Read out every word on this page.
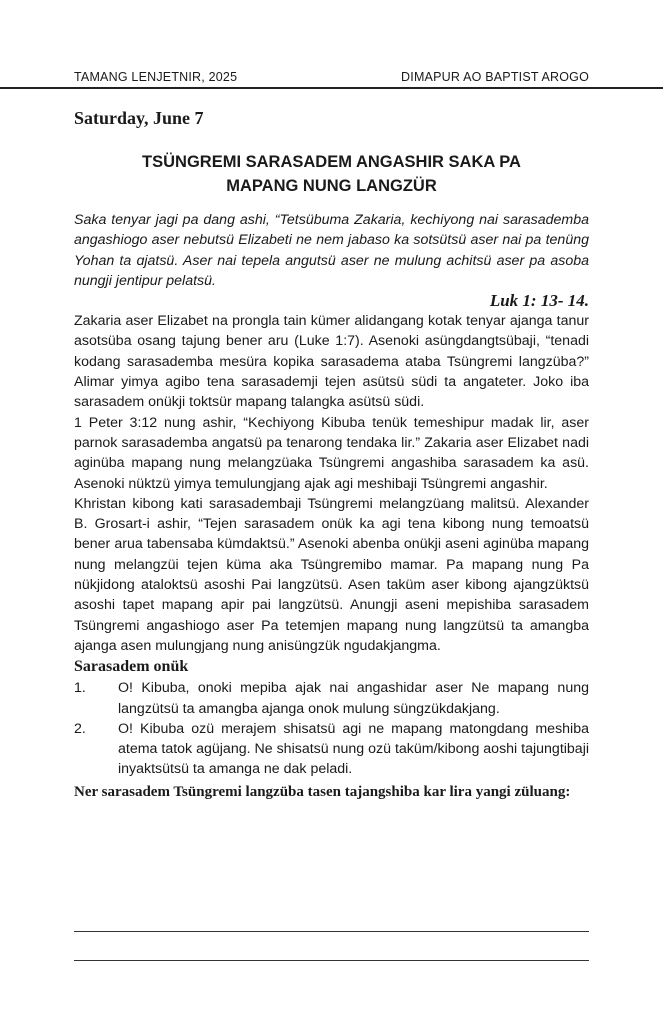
TAMANG LENJETNIR, 2025	DIMAPUR AO BAPTIST AROGO
Saturday, June 7
TSÜNGREMI SARASADEM ANGASHIR SAKA PA
MAPANG NUNG LANGZÜR

Saka tenyar jagi pa dang ashi, “Tetsübuma Zakaria, kechiyong nai sarasademba angashiogo aser nebutsü Elizabeti ne nem jabaso ka sotsütsü aser nai pa tenüng Yohan ta ɑjatsü. Aser nai tepela angutsü aser ne mulung achitsü aser pa asoba nungji jentipur pelatsü.

Luk 1: 13- 14.

Zakaria aser Elizabet na prongla tain kümer alidangang kotak tenyar ajanga tanur asotsüba osang tajung bener aru (Luke 1:7). Asenoki asüngdangtsübaji, “tenadi kodang sarasademba mesüra kopika sarasadema ataba Tsüngremi langzüba?” Alimar yimya agibo tena sarasademji tejen asütsü südi ta angateter. Joko iba sarasadem onükji toktsür mapang talangka asütsü südi.

1 Peter 3:12 nung ashir, “Kechiyong Kibuba tenük temeshipur madak lir, aser parnok sarasademba angatsü pa tenarong tendaka lir.” Zakaria aser Elizabet nadi aginüba mapang nung melangzüaka Tsüngremi angashiba sarasadem ka asü. Asenoki nüktzü yimya temulungjang ajak agi meshibaji Tsüngremi angashir.

Khristan kibong kati sarasadembaji Tsüngremi melangzüang malitsü. Alexander B. Grosart-i ashir, “Tejen sarasadem onük ka agi tena kibong nung temoatsü bener arua tabensaba kümdaktsü.” Asenoki abenba onükji aseni aginüba mapang nung melangzüi tejen küma aka Tsüngremibo mamar. Pa mapang nung Pa nükjidong ataloktsü asoshi Pai langzütsü. Asen taküm aser kibong ajangzüktsü asoshi tapet mapang apir pai langzütsü. Anungji aseni mepishiba sarasadem Tsüngremi angashiogo aser Pa tetemjen mapang nung langzütsü ta amangba ajanga asen mulungjang nung anisüngzük ngudakjangma.

Sarasadem onük

1.	O! Kibuba, onoki mepiba ajak nai angashidar aser Ne mapang nung langzütsü ta amangba ajanga onok mulung süngzükdakjang.
2.	O! Kibuba ozü merajem shisatsü agi ne mapang matongdang meshiba atema tatok agüjang. Ne shisatsü nung ozü taküm/kibong aoshi tajungtibaji inyaktsütsü ta amanga ne dak peladi.

Ner sarasadem Tsüngremi langzüba tasen tajangshiba kar lira yangi züluang:
